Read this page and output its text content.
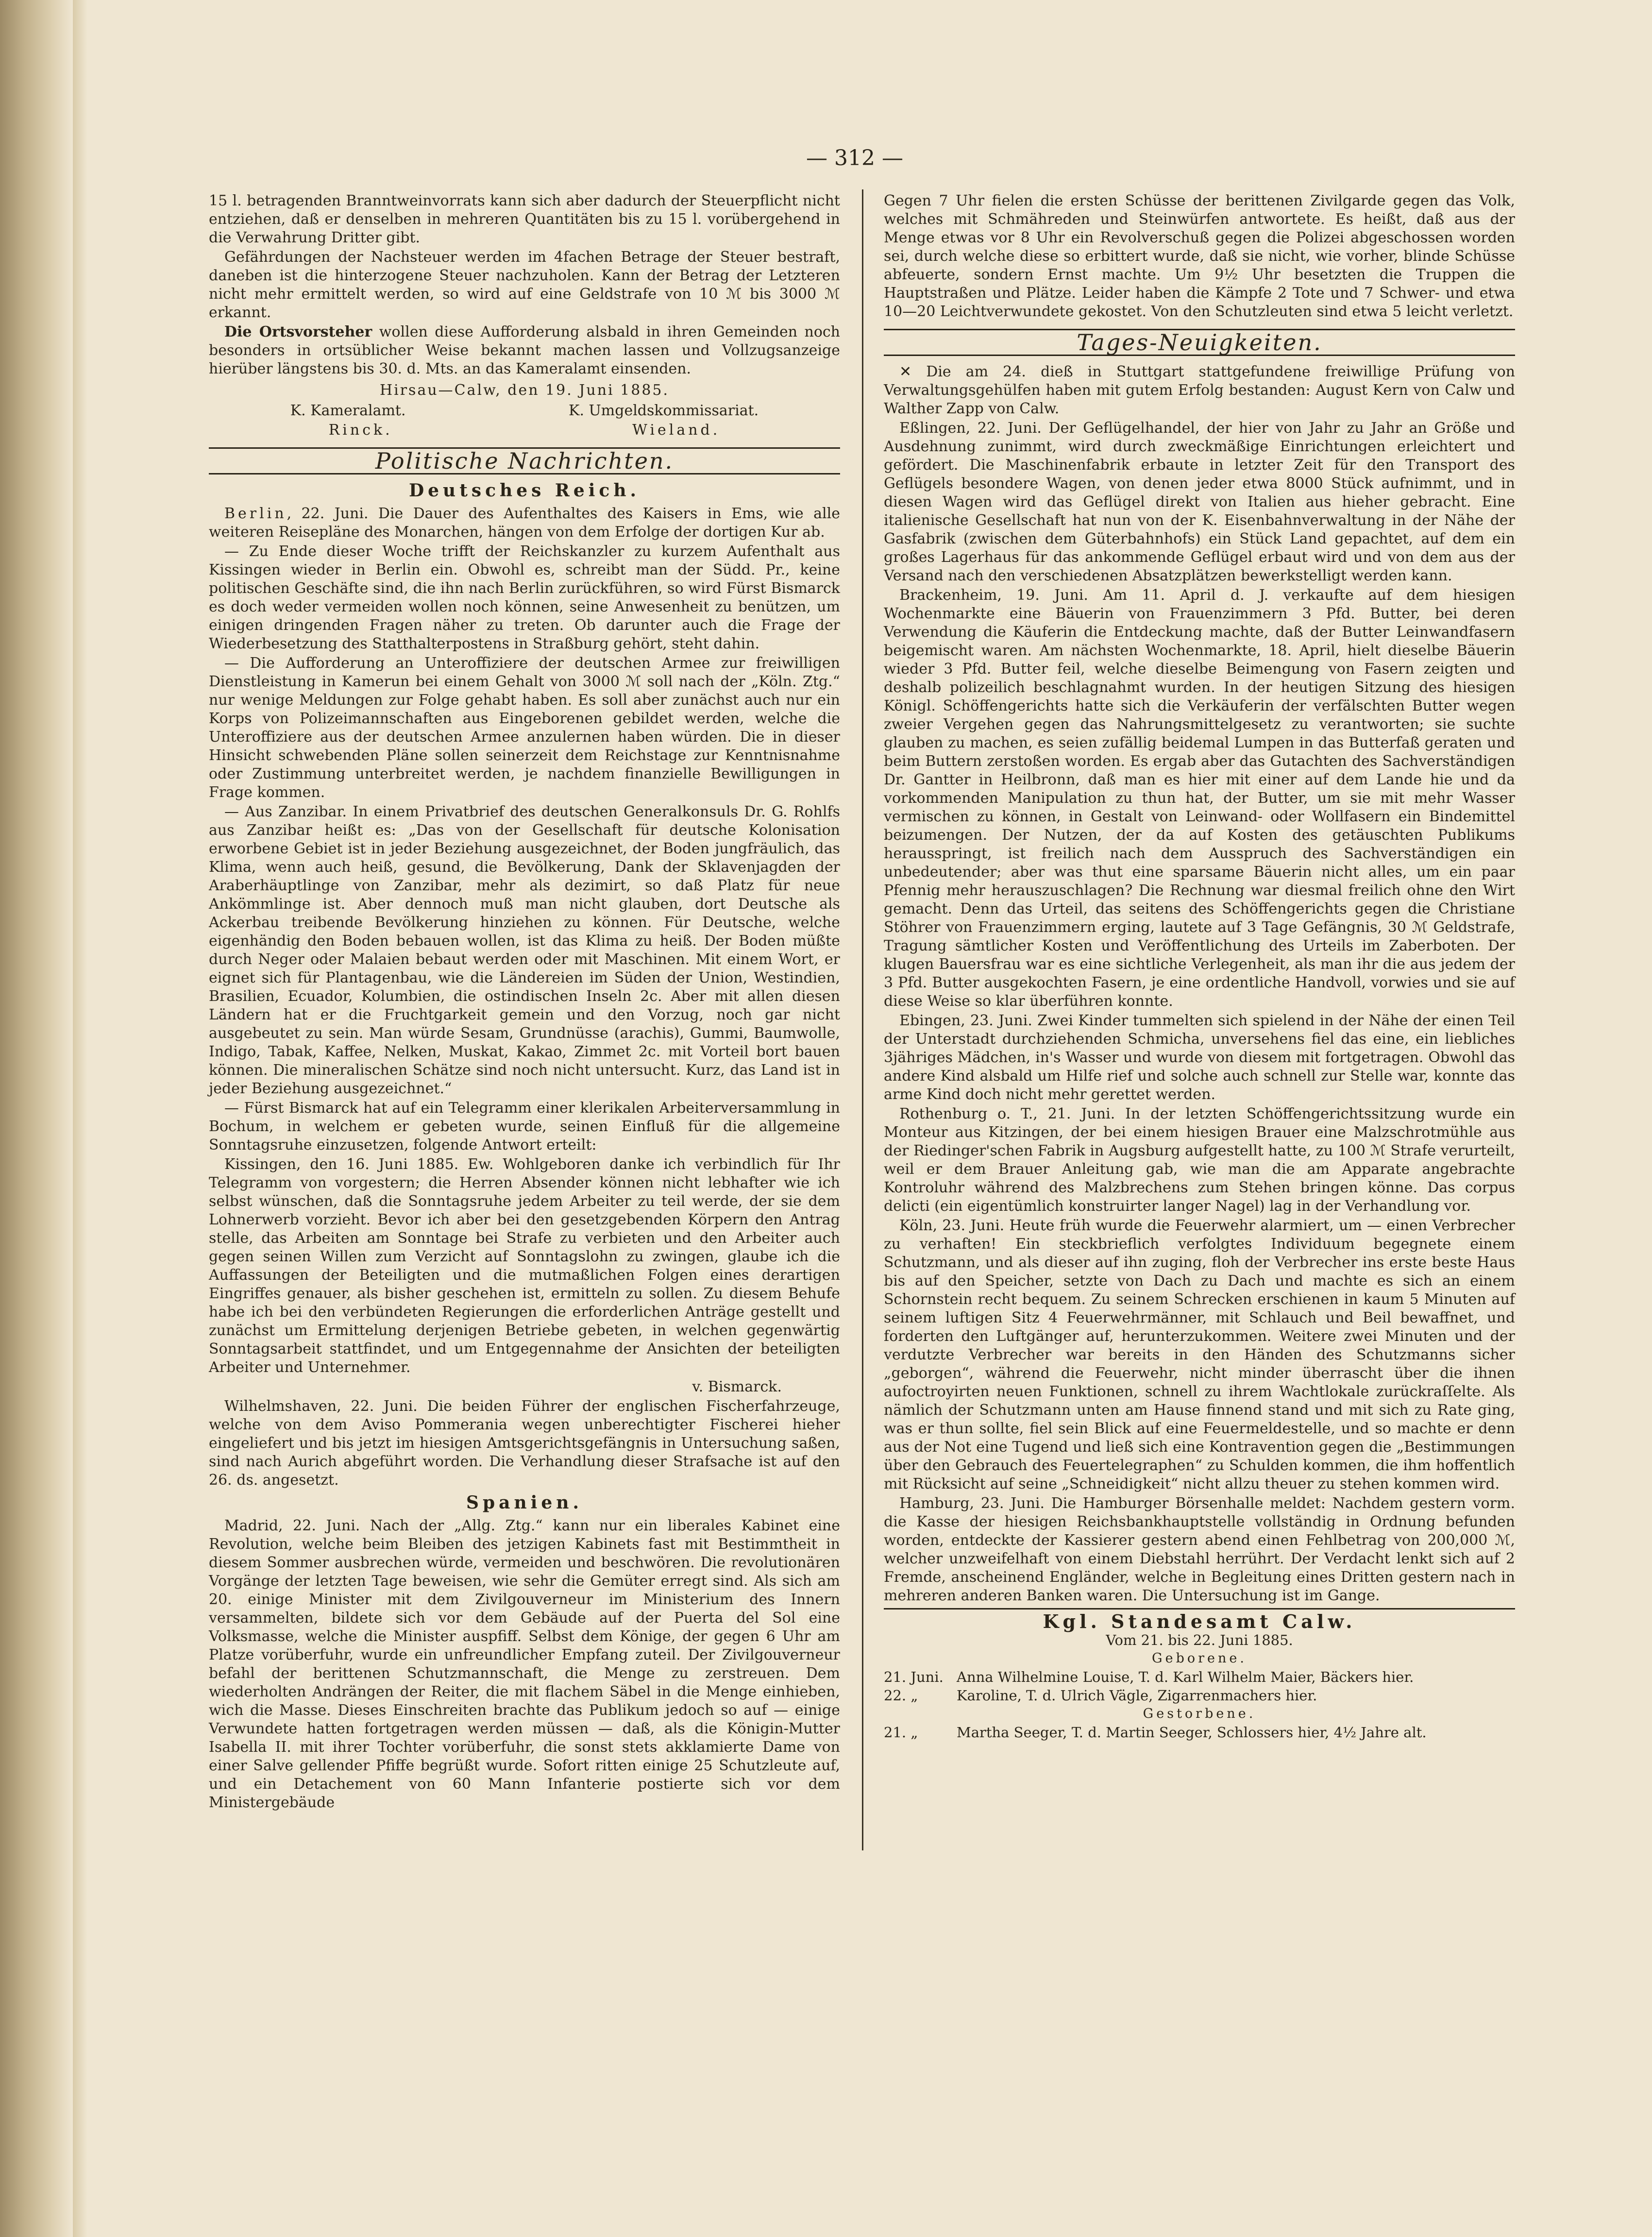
— 312 —

15 l. betragenden Branntweinvorrats kann sich aber dadurch der Steuerpflicht nicht entziehen, daß er denselben in mehreren Quantitäten bis zu 15 l. vorübergehend in die Verwahrung Dritter gibt.

Gefährdungen der Nachsteuer werden im 4fachen Betrage der Steuer bestraft, daneben ist die hinterzogene Steuer nachzuholen. Kann der Betrag der Letzteren nicht mehr ermittelt werden, so wird auf eine Geldstrafe von 10 ℳ bis 3000 ℳ erkannt.

Die Ortsvorsteher wollen diese Aufforderung alsbald in ihren Gemeinden noch besonders in ortsüblicher Weise bekannt machen lassen und Vollzugsanzeige hierüber längstens bis 30. d. Mts. an das Kameralamt einsenden.

Hirsau—Calw, den 19. Juni 1885.
K. Kameralamt.	K. Umgeldskommissariat.
Rinck.	Wieland.
Politische Nachrichten.
Deutsches Reich.

Berlin, 22. Juni. Die Dauer des Aufenthaltes des Kaisers in Ems, wie alle weiteren Reisepläne des Monarchen, hängen von dem Erfolge der dortigen Kur ab.

— Zu Ende dieser Woche trifft der Reichskanzler zu kurzem Aufenthalt aus Kissingen wieder in Berlin ein. Obwohl es, schreibt man der Südd. Pr., keine politischen Geschäfte sind, die ihn nach Berlin zurückführen, so wird Fürst Bismarck es doch weder vermeiden wollen noch können, seine Anwesenheit zu benützen, um einigen dringenden Fragen näher zu treten. Ob darunter auch die Frage der Wiederbesetzung des Statthalterpostens in Straßburg gehört, steht dahin.

— Die Aufforderung an Unteroffiziere der deutschen Armee zur freiwilligen Dienstleistung in Kamerun bei einem Gehalt von 3000 ℳ soll nach der „Köln. Ztg.“ nur wenige Meldungen zur Folge gehabt haben. Es soll aber zunächst auch nur ein Korps von Polizeimannschaften aus Eingeborenen gebildet werden, welche die Unteroffiziere aus der deutschen Armee anzulernen haben würden. Die in dieser Hinsicht schwebenden Pläne sollen seinerzeit dem Reichstage zur Kenntnisnahme oder Zustimmung unterbreitet werden, je nachdem finanzielle Bewilligungen in Frage kommen.

— Aus Zanzibar. In einem Privatbrief des deutschen Generalkonsuls Dr. G. Rohlfs aus Zanzibar heißt es: „Das von der Gesellschaft für deutsche Kolonisation erworbene Gebiet ist in jeder Beziehung ausgezeichnet, der Boden jungfräulich, das Klima, wenn auch heiß, gesund, die Bevölkerung, Dank der Sklavenjagden der Araberhäuptlinge von Zanzibar, mehr als dezimirt, so daß Platz für neue Ankömmlinge ist. Aber dennoch muß man nicht glauben, dort Deutsche als Ackerbau treibende Bevölkerung hinziehen zu können. Für Deutsche, welche eigenhändig den Boden bebauen wollen, ist das Klima zu heiß. Der Boden müßte durch Neger oder Malaien bebaut werden oder mit Maschinen. Mit einem Wort, er eignet sich für Plantagenbau, wie die Ländereien im Süden der Union, Westindien, Brasilien, Ecuador, Kolumbien, die ostindischen Inseln 2c. Aber mit allen diesen Ländern hat er die Fruchtgarkeit gemein und den Vorzug, noch gar nicht ausgebeutet zu sein. Man würde Sesam, Grundnüsse (arachis), Gummi, Baumwolle, Indigo, Tabak, Kaffee, Nelken, Muskat, Kakao, Zimmet 2c. mit Vorteil bort bauen können. Die mineralischen Schätze sind noch nicht untersucht. Kurz, das Land ist in jeder Beziehung ausgezeichnet.“

— Fürst Bismarck hat auf ein Telegramm einer klerikalen Arbeiterversammlung in Bochum, in welchem er gebeten wurde, seinen Einfluß für die allgemeine Sonntagsruhe einzusetzen, folgende Antwort erteilt:

Kissingen, den 16. Juni 1885. Ew. Wohlgeboren danke ich verbindlich für Ihr Telegramm von vorgestern; die Herren Absender können nicht lebhafter wie ich selbst wünschen, daß die Sonntagsruhe jedem Arbeiter zu teil werde, der sie dem Lohnerwerb vorzieht. Bevor ich aber bei den gesetzgebenden Körpern den Antrag stelle, das Arbeiten am Sonntage bei Strafe zu verbieten und den Arbeiter auch gegen seinen Willen zum Verzicht auf Sonntagslohn zu zwingen, glaube ich die Auffassungen der Beteiligten und die mutmaßlichen Folgen eines derartigen Eingriffes genauer, als bisher geschehen ist, ermitteln zu sollen. Zu diesem Behufe habe ich bei den verbündeten Regierungen die erforderlichen Anträge gestellt und zunächst um Ermittelung derjenigen Betriebe gebeten, in welchen gegenwärtig Sonntagsarbeit stattfindet, und um Entgegennahme der Ansichten der beteiligten Arbeiter und Unternehmer.

v. Bismarck.

Wilhelmshaven, 22. Juni. Die beiden Führer der englischen Fischerfahrzeuge, welche von dem Aviso Pommerania wegen unberechtigter Fischerei hieher eingeliefert und bis jetzt im hiesigen Amtsgerichtsgefängnis in Untersuchung saßen, sind nach Aurich abgeführt worden. Die Verhandlung dieser Strafsache ist auf den 26. ds. angesetzt.

Spanien.

Madrid, 22. Juni. Nach der „Allg. Ztg.“ kann nur ein liberales Kabinet eine Revolution, welche beim Bleiben des jetzigen Kabinets fast mit Bestimmtheit in diesem Sommer ausbrechen würde, vermeiden und beschwören. Die revolutionären Vorgänge der letzten Tage beweisen, wie sehr die Gemüter erregt sind. Als sich am 20. einige Minister mit dem Zivilgouverneur im Ministerium des Innern versammelten, bildete sich vor dem Gebäude auf der Puerta del Sol eine Volksmasse, welche die Minister auspfiff. Selbst dem Könige, der gegen 6 Uhr am Platze vorüberfuhr, wurde ein unfreundlicher Empfang zuteil. Der Zivilgouverneur befahl der berittenen Schutzmannschaft, die Menge zu zerstreuen. Dem wiederholten Andrängen der Reiter, die mit flachem Säbel in die Menge einhieben, wich die Masse. Dieses Einschreiten brachte das Publikum jedoch so auf — einige Verwundete hatten fortgetragen werden müssen — daß, als die Königin-Mutter Isabella II. mit ihrer Tochter vorüberfuhr, die sonst stets akklamierte Dame von einer Salve gellender Pfiffe begrüßt wurde. Sofort ritten einige 25 Schutzleute auf, und ein Detachement von 60 Mann Infanterie postierte sich vor dem Ministergebäude

Gegen 7 Uhr fielen die ersten Schüsse der berittenen Zivilgarde gegen das Volk, welches mit Schmähreden und Steinwürfen antwortete. Es heißt, daß aus der Menge etwas vor 8 Uhr ein Revolverschuß gegen die Polizei abgeschossen worden sei, durch welche diese so erbittert wurde, daß sie nicht, wie vorher, blinde Schüsse abfeuerte, sondern Ernst machte. Um 9½ Uhr besetzten die Truppen die Hauptstraßen und Plätze. Leider haben die Kämpfe 2 Tote und 7 Schwer- und etwa 10—20 Leichtverwundete gekostet. Von den Schutzleuten sind etwa 5 leicht verletzt.

Tages-Neuigkeiten.

✕ Die am 24. dieß in Stuttgart stattgefundene freiwillige Prüfung von Verwaltungsgehülfen haben mit gutem Erfolg bestanden: August Kern von Calw und Walther Zapp von Calw.

Eßlingen, 22. Juni. Der Geflügelhandel, der hier von Jahr zu Jahr an Größe und Ausdehnung zunimmt, wird durch zweckmäßige Einrichtungen erleichtert und gefördert. Die Maschinenfabrik erbaute in letzter Zeit für den Transport des Geflügels besondere Wagen, von denen jeder etwa 8000 Stück aufnimmt, und in diesen Wagen wird das Geflügel direkt von Italien aus hieher gebracht. Eine italienische Gesellschaft hat nun von der K. Eisenbahnverwaltung in der Nähe der Gasfabrik (zwischen dem Güterbahnhofs) ein Stück Land gepachtet, auf dem ein großes Lagerhaus für das ankommende Geflügel erbaut wird und von dem aus der Versand nach den verschiedenen Absatzplätzen bewerkstelligt werden kann.

Brackenheim, 19. Juni. Am 11. April d. J. verkaufte auf dem hiesigen Wochenmarkte eine Bäuerin von Frauenzimmern 3 Pfd. Butter, bei deren Verwendung die Käuferin die Entdeckung machte, daß der Butter Leinwandfasern beigemischt waren. Am nächsten Wochenmarkte, 18. April, hielt dieselbe Bäuerin wieder 3 Pfd. Butter feil, welche dieselbe Beimengung von Fasern zeigten und deshalb polizeilich beschlagnahmt wurden. In der heutigen Sitzung des hiesigen Königl. Schöffengerichts hatte sich die Verkäuferin der verfälschten Butter wegen zweier Vergehen gegen das Nahrungsmittelgesetz zu verantworten; sie suchte glauben zu machen, es seien zufällig beidemal Lumpen in das Butterfaß geraten und beim Buttern zerstoßen worden. Es ergab aber das Gutachten des Sachverständigen Dr. Gantter in Heilbronn, daß man es hier mit einer auf dem Lande hie und da vorkommenden Manipulation zu thun hat, der Butter, um sie mit mehr Wasser vermischen zu können, in Gestalt von Leinwand- oder Wollfasern ein Bindemittel beizumengen. Der Nutzen, der da auf Kosten des getäuschten Publikums herausspringt, ist freilich nach dem Ausspruch des Sachverständigen ein unbedeutender; aber was thut eine sparsame Bäuerin nicht alles, um ein paar Pfennig mehr herauszuschlagen? Die Rechnung war diesmal freilich ohne den Wirt gemacht. Denn das Urteil, das seitens des Schöffengerichts gegen die Christiane Stöhrer von Frauenzimmern erging, lautete auf 3 Tage Gefängnis, 30 ℳ Geldstrafe, Tragung sämtlicher Kosten und Veröffentlichung des Urteils im Zaberboten. Der klugen Bauersfrau war es eine sichtliche Verlegenheit, als man ihr die aus jedem der 3 Pfd. Butter ausgekochten Fasern, je eine ordentliche Handvoll, vorwies und sie auf diese Weise so klar überführen konnte.

Ebingen, 23. Juni. Zwei Kinder tummelten sich spielend in der Nähe der einen Teil der Unterstadt durchziehenden Schmicha, unversehens fiel das eine, ein liebliches 3jähriges Mädchen, in's Wasser und wurde von diesem mit fortgetragen. Obwohl das andere Kind alsbald um Hilfe rief und solche auch schnell zur Stelle war, konnte das arme Kind doch nicht mehr gerettet werden.

Rothenburg o. T., 21. Juni. In der letzten Schöffengerichtssitzung wurde ein Monteur aus Kitzingen, der bei einem hiesigen Brauer eine Malzschrotmühle aus der Riedinger'schen Fabrik in Augsburg aufgestellt hatte, zu 100 ℳ Strafe verurteilt, weil er dem Brauer Anleitung gab, wie man die am Apparate angebrachte Kontroluhr während des Malzbrechens zum Stehen bringen könne. Das corpus delicti (ein eigentümlich konstruirter langer Nagel) lag in der Verhandlung vor.

Köln, 23. Juni. Heute früh wurde die Feuerwehr alarmiert, um — einen Verbrecher zu verhaften! Ein steckbrieflich verfolgtes Individuum begegnete einem Schutzmann, und als dieser auf ihn zuging, floh der Verbrecher ins erste beste Haus bis auf den Speicher, setzte von Dach zu Dach und machte es sich an einem Schornstein recht bequem. Zu seinem Schrecken erschienen in kaum 5 Minuten auf seinem luftigen Sitz 4 Feuerwehrmänner, mit Schlauch und Beil bewaffnet, und forderten den Luftgänger auf, herunterzukommen. Weitere zwei Minuten und der verdutzte Verbrecher war bereits in den Händen des Schutzmanns sicher „geborgen“, während die Feuerwehr, nicht minder überrascht über die ihnen aufoctroyirten neuen Funktionen, schnell zu ihrem Wachtlokale zurückraſſelte. Als nämlich der Schutzmann unten am Hause finnend stand und mit sich zu Rate ging, was er thun sollte, fiel sein Blick auf eine Feuermeldestelle, und so machte er denn aus der Not eine Tugend und ließ sich eine Kontravention gegen die „Bestimmungen über den Gebrauch des Feuertelegraphen“ zu Schulden kommen, die ihm hoffentlich mit Rücksicht auf seine „Schneidigkeit“ nicht allzu theuer zu stehen kommen wird.

Hamburg, 23. Juni. Die Hamburger Börsenhalle meldet: Nachdem gestern vorm. die Kasse der hiesigen Reichsbankhauptstelle vollständig in Ordnung befunden worden, entdeckte der Kassierer gestern abend einen Fehlbetrag von 200,000 ℳ, welcher unzweifelhaft von einem Diebstahl herrührt. Der Verdacht lenkt sich auf 2 Fremde, anscheinend Engländer, welche in Begleitung eines Dritten gestern nach in mehreren anderen Banken waren. Die Untersuchung ist im Gange.

Kgl. Standesamt Calw.
Vom 21. bis 22. Juni 1885.
Geborene.
21. Juni. Anna Wilhelmine Louise, T. d. Karl Wilhelm Maier, Bäckers hier.
22. „	Karoline, T. d. Ulrich Vägle, Zigarrenmachers hier.
Gestorbene.
21. „	Martha Seeger, T. d. Martin Seeger, Schlossers hier, 4½ Jahre alt.
